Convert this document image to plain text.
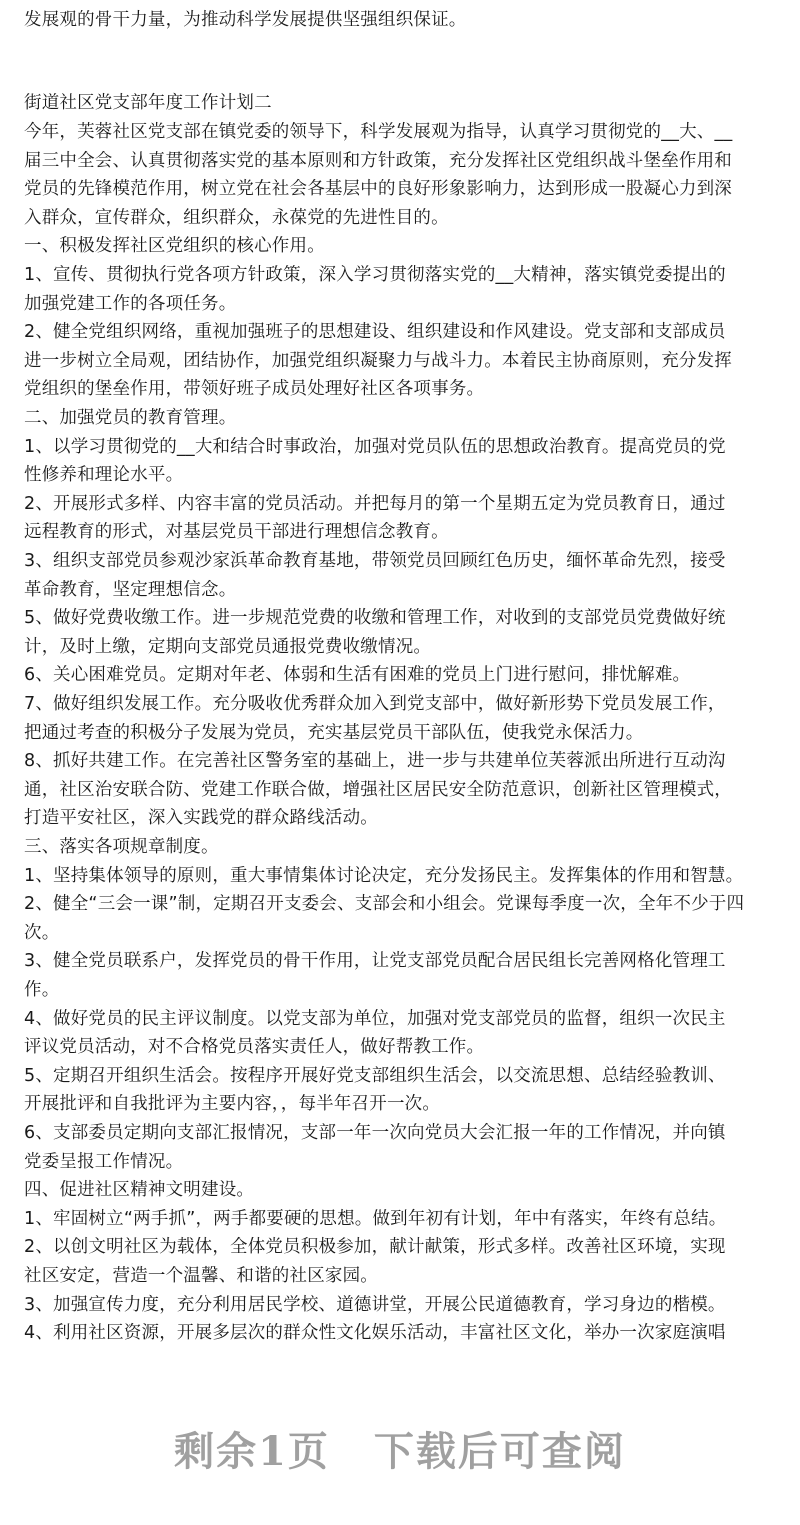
发展观的骨干力量，为推动科学发展提供坚强组织保证。
街道社区党支部年度工作计划二
今年，芙蓉社区党支部在镇党委的领导下，科学发展观为指导，认真学习贯彻党的__大、__
届三中全会、认真贯彻落实党的基本原则和方针政策，充分发挥社区党组织战斗堡垒作用和
党员的先锋模范作用，树立党在社会各基层中的良好形象影响力，达到形成一股凝心力到深
入群众，宣传群众，组织群众，永葆党的先进性目的。
一、积极发挥社区党组织的核心作用。
1、宣传、贯彻执行党各项方针政策，深入学习贯彻落实党的__大精神，落实镇党委提出的
加强党建工作的各项任务。
2、健全党组织网络，重视加强班子的思想建设、组织建设和作风建设。党支部和支部成员
进一步树立全局观，团结协作，加强党组织凝聚力与战斗力。本着民主协商原则，充分发挥
党组织的堡垒作用，带领好班子成员处理好社区各项事务。
二、加强党员的教育管理。
1、以学习贯彻党的__大和结合时事政治，加强对党员队伍的思想政治教育。提高党员的党
性修养和理论水平。
2、开展形式多样、内容丰富的党员活动。并把每月的第一个星期五定为党员教育日，通过
远程教育的形式，对基层党员干部进行理想信念教育。
3、组织支部党员参观沙家浜革命教育基地，带领党员回顾红色历史，缅怀革命先烈，接受
革命教育，坚定理想信念。
5、做好党费收缴工作。进一步规范党费的收缴和管理工作，对收到的支部党员党费做好统
计，及时上缴，定期向支部党员通报党费收缴情况。
6、关心困难党员。定期对年老、体弱和生活有困难的党员上门进行慰问，排忧解难。
7、做好组织发展工作。充分吸收优秀群众加入到党支部中，做好新形势下党员发展工作，
把通过考查的积极分子发展为党员，充实基层党员干部队伍，使我党永保活力。
8、抓好共建工作。在完善社区警务室的基础上，进一步与共建单位芙蓉派出所进行互动沟
通，社区治安联合防、党建工作联合做，增强社区居民安全防范意识，创新社区管理模式，
打造平安社区，深入实践党的群众路线活动。
三、落实各项规章制度。
1、坚持集体领导的原则，重大事情集体讨论决定，充分发扬民主。发挥集体的作用和智慧。
2、健全“三会一课”制，定期召开支委会、支部会和小组会。党课每季度一次，全年不少于四
次。
3、健全党员联系户，发挥党员的骨干作用，让党支部党员配合居民组长完善网格化管理工
作。
4、做好党员的民主评议制度。以党支部为单位，加强对党支部党员的监督，组织一次民主
评议党员活动，对不合格党员落实责任人，做好帮教工作。
5、定期召开组织生活会。按程序开展好党支部组织生活会，以交流思想、总结经验教训、
开展批评和自我批评为主要内容，，每半年召开一次。
6、支部委员定期向支部汇报情况，支部一年一次向党员大会汇报一年的工作情况，并向镇
党委呈报工作情况。
四、促进社区精神文明建设。
1、牢固树立“两手抓”，两手都要硬的思想。做到年初有计划，年中有落实，年终有总结。
2、以创文明社区为载体，全体党员积极参加，献计献策，形式多样。改善社区环境，实现
社区安定，营造一个温馨、和谐的社区家园。
3、加强宣传力度，充分利用居民学校、道德讲堂，开展公民道德教育，学习身边的楷模。
4、利用社区资源，开展多层次的群众性文化娱乐活动，丰富社区文化，举办一次家庭演唱
剩余1页 下载后可查阅
